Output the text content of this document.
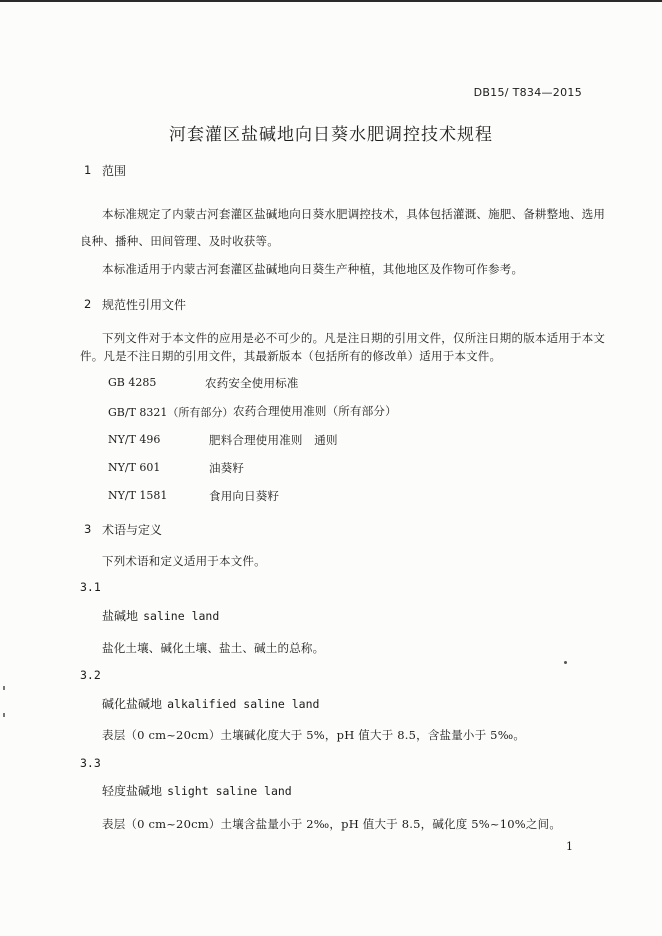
DB15/ T834—2015
河套灌区盐碱地向日葵水肥调控技术规程
1 范围
本标准规定了内蒙古河套灌区盐碱地向日葵水肥调控技术，具体包括灌溉、施肥、备耕整地、选用
良种、播种、田间管理、及时收获等。
本标准适用于内蒙古河套灌区盐碱地向日葵生产种植，其他地区及作物可作参考。
2 规范性引用文件
下列文件对于本文件的应用是必不可少的。凡是注日期的引用文件，仅所注日期的版本适用于本文
件。凡是不注日期的引用文件，其最新版本（包括所有的修改单）适用于本文件。
GB 4285	农药安全使用标准
GB/T 8321（所有部分） 农药合理使用准则（所有部分）
NY/T 496	肥料合理使用准则　通则
NY/T 601	油葵籽
NY/T 1581	食用向日葵籽
3 术语与定义
下列术语和定义适用于本文件。
3.1
盐碱地 saline land
盐化土壤、碱化土壤、盐土、碱土的总称。
3.2
碱化盐碱地 alkalified saline land
表层（0 cm~20cm）土壤碱化度大于 5%，pH 值大于 8.5，含盐量小于 5‰。
3.3
轻度盐碱地 slight saline land
表层（0 cm~20cm）土壤含盐量小于 2‰，pH 值大于 8.5，碱化度 5%~10%之间。
1
